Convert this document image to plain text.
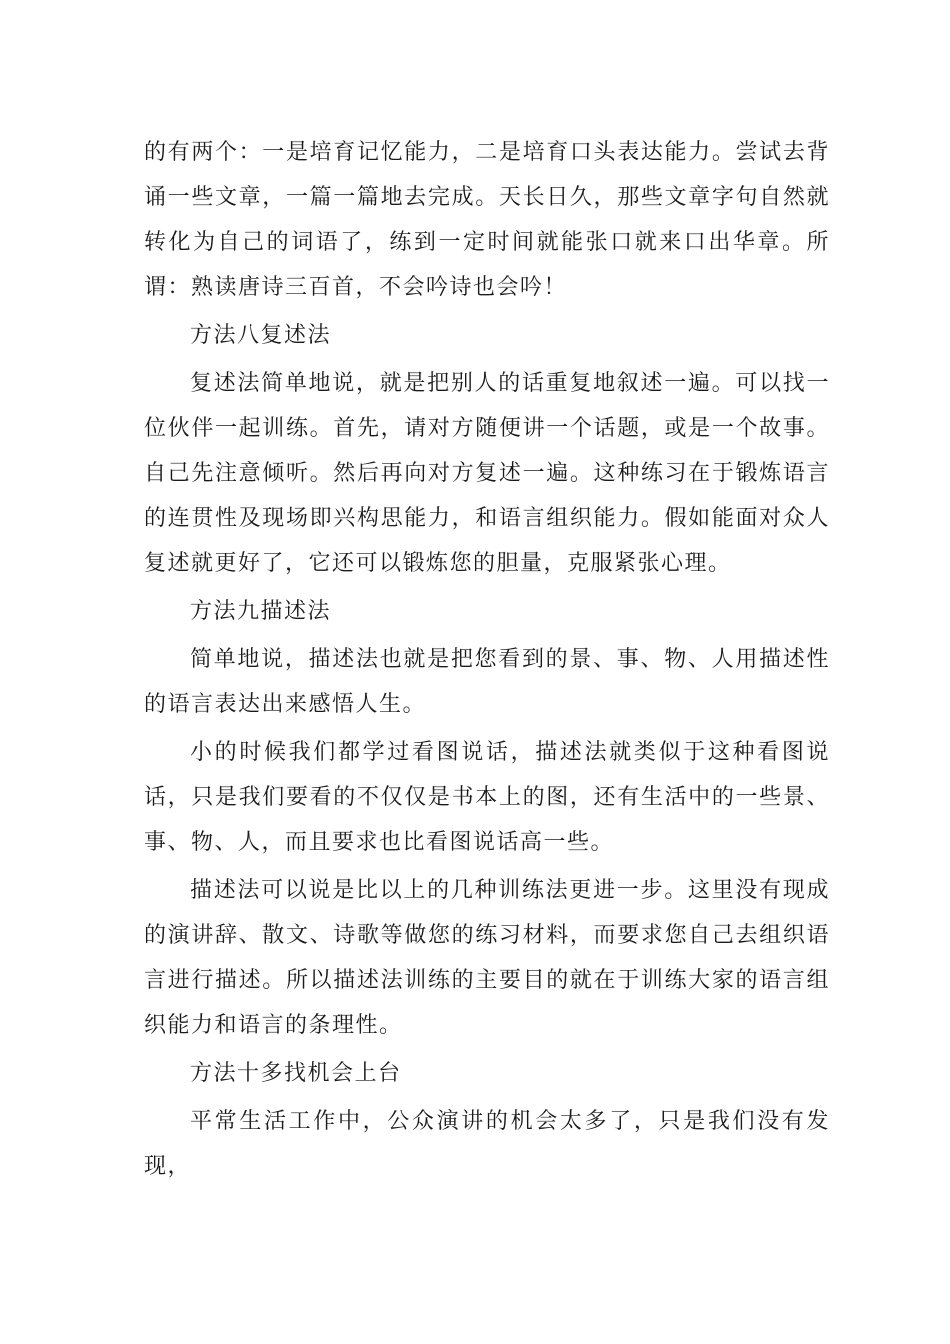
的有两个：一是培育记忆能力，二是培育口头表达能力。尝试去背诵一些文章，一篇一篇地去完成。天长日久，那些文章字句自然就转化为自己的词语了，练到一定时间就能张口就来口出华章。所谓：熟读唐诗三百首，不会吟诗也会吟！

方法八复述法

复述法简单地说，就是把别人的话重复地叙述一遍。可以找一位伙伴一起训练。首先，请对方随便讲一个话题，或是一个故事。自己先注意倾听。然后再向对方复述一遍。这种练习在于锻炼语言的连贯性及现场即兴构思能力，和语言组织能力。假如能面对众人复述就更好了，它还可以锻炼您的胆量，克服紧张心理。

方法九描述法

简单地说，描述法也就是把您看到的景、事、物、人用描述性的语言表达出来感悟人生。

小的时候我们都学过看图说话，描述法就类似于这种看图说话，只是我们要看的不仅仅是书本上的图，还有生活中的一些景、事、物、人，而且要求也比看图说话高一些。

描述法可以说是比以上的几种训练法更进一步。这里没有现成的演讲辞、散文、诗歌等做您的练习材料，而要求您自己去组织语言进行描述。所以描述法训练的主要目的就在于训练大家的语言组织能力和语言的条理性。

方法十多找机会上台

平常生活工作中，公众演讲的机会太多了，只是我们没有发现，
